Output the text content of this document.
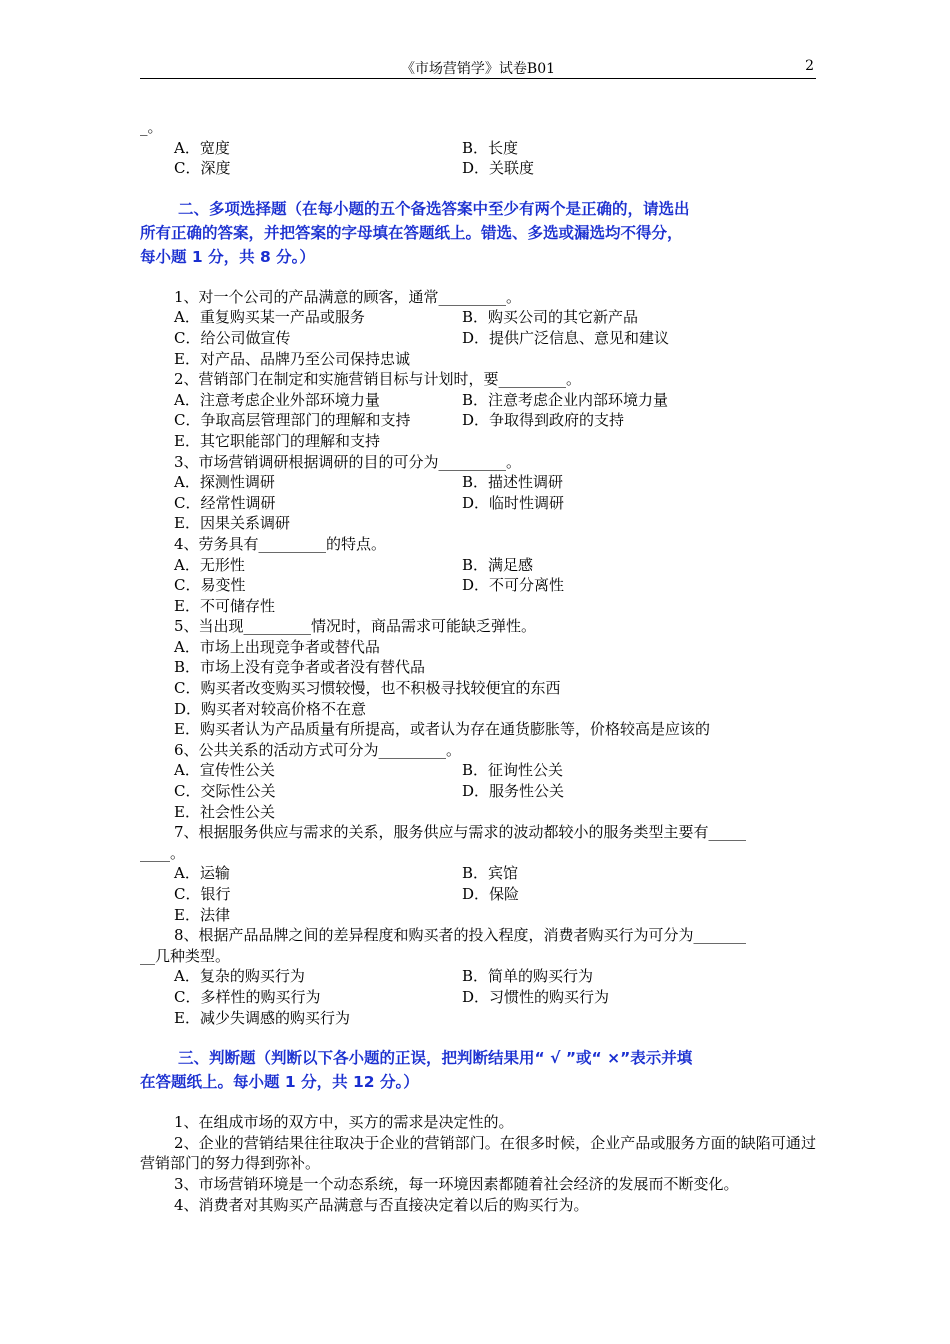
《市场营销学》试卷B01	2
_。
A．宽度	B．长度
C．深度	D．关联度
二、多项选择题（在每小题的五个备选答案中至少有两个是正确的，请选出
所有正确的答案，并把答案的字母填在答题纸上。错选、多选或漏选均不得分，
每小题 1 分，共 8 分。）
1、对一个公司的产品满意的顾客，通常_________。
A．重复购买某一产品或服务	B．购买公司的其它新产品
C．给公司做宣传	D．提供广泛信息、意见和建议
E．对产品、品牌乃至公司保持忠诚
2、营销部门在制定和实施营销目标与计划时，要_________。
A．注意考虑企业外部环境力量	B．注意考虑企业内部环境力量
C．争取高层管理部门的理解和支持	D．争取得到政府的支持
E．其它职能部门的理解和支持
3、市场营销调研根据调研的目的可分为_________。
A．探测性调研	B．描述性调研
C．经常性调研	D．临时性调研
E．因果关系调研
4、劳务具有_________的特点。
A．无形性	B．满足感
C．易变性	D．不可分离性
E．不可储存性
5、当出现_________情况时，商品需求可能缺乏弹性。
A．市场上出现竞争者或替代品
B．市场上没有竞争者或者没有替代品
C．购买者改变购买习惯较慢，也不积极寻找较便宜的东西
D．购买者对较高价格不在意
E．购买者认为产品质量有所提高，或者认为存在通货膨胀等，价格较高是应该的
6、公共关系的活动方式可分为_________。
A．宣传性公关	B．征询性公关
C．交际性公关	D．服务性公关
E．社会性公关
7、根据服务供应与需求的关系，服务供应与需求的波动都较小的服务类型主要有_____
____。
A．运输	B．宾馆
C．银行	D．保险
E．法律
8、根据产品品牌之间的差异程度和购买者的投入程度，消费者购买行为可分为_______
__几种类型。
A．复杂的购买行为	B．简单的购买行为
C．多样性的购买行为	D．习惯性的购买行为
E．减少失调感的购买行为
三、判断题（判断以下各小题的正误，把判断结果用“ √ ”或“ ×”表示并填
在答题纸上。每小题 1 分，共 12 分。）
1、在组成市场的双方中，买方的需求是决定性的。
2、企业的营销结果往往取决于企业的营销部门。在很多时候，企业产品或服务方面的缺陷可通过营销部门的努力得到弥补。
3、市场营销环境是一个动态系统，每一环境因素都随着社会经济的发展而不断变化。
4、消费者对其购买产品满意与否直接决定着以后的购买行为。
